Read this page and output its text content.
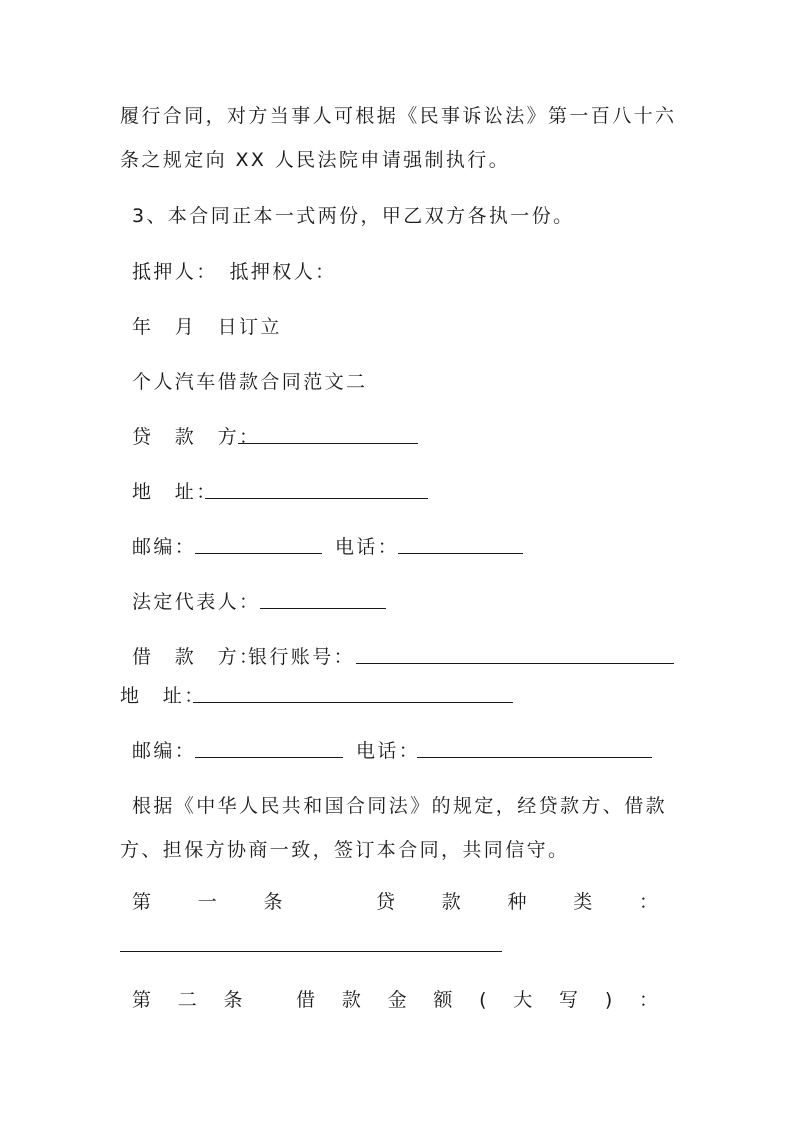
履行合同，对方当事人可根据《民事诉讼法》第一百八十六
条之规定向 XX 人民法院申请强制执行。
3、本合同正本一式两份，甲乙双方各执一份。
抵押人：　抵押权人：
年　月　日订立
个人汽车借款合同范文二
贷　款　方：
地　址：
邮编：	电话：
法定代表人：
借　款　方：
银行账号：
地　址：
邮编：	电话：
根据《中华人民共和国合同法》的规定，经贷款方、借款
方、担保方协商一致，签订本合同，共同信守。
第 一 条	贷 款 种 类 ：
第 二 条	借 款 金 额 ( 大 写 ) ：
